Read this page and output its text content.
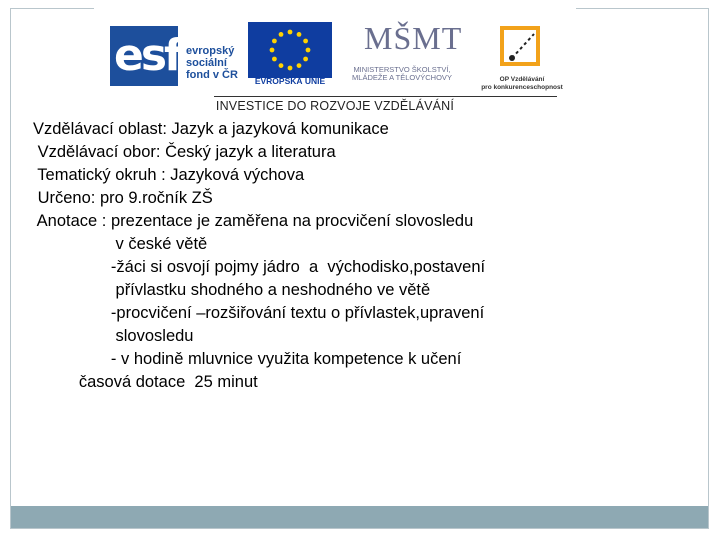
esf evropský
sociální
fond v ČR	EVROPSKÁ UNIE
MŠMT
MINISTERSTVO ŠKOLSTVÍ,
MLÁDEŽE A TĚLOVÝCHOVY	OP Vzdělávání
pro konkurenceschopnost
INVESTICE DO ROZVOJE VZDĚLÁVÁNÍ
Vzdělávací oblast: Jazyk a jazyková komunikace
Vzdělávací obor: Český jazyk a literatura
Tematický okruh : Jazyková výchova
Určeno: pro 9.ročník ZŠ
Anotace : prezentace je zaměřena na procvičení slovosledu
v české větě
-žáci si osvojí pojmy jádro  a  východisko,postavení
přívlastku shodného a neshodného ve větě
-procvičení –rozšiřování textu o přívlastek,upravení
slovosledu
- v hodině mluvnice využita kompetence k učení
časová dotace  25 minut
